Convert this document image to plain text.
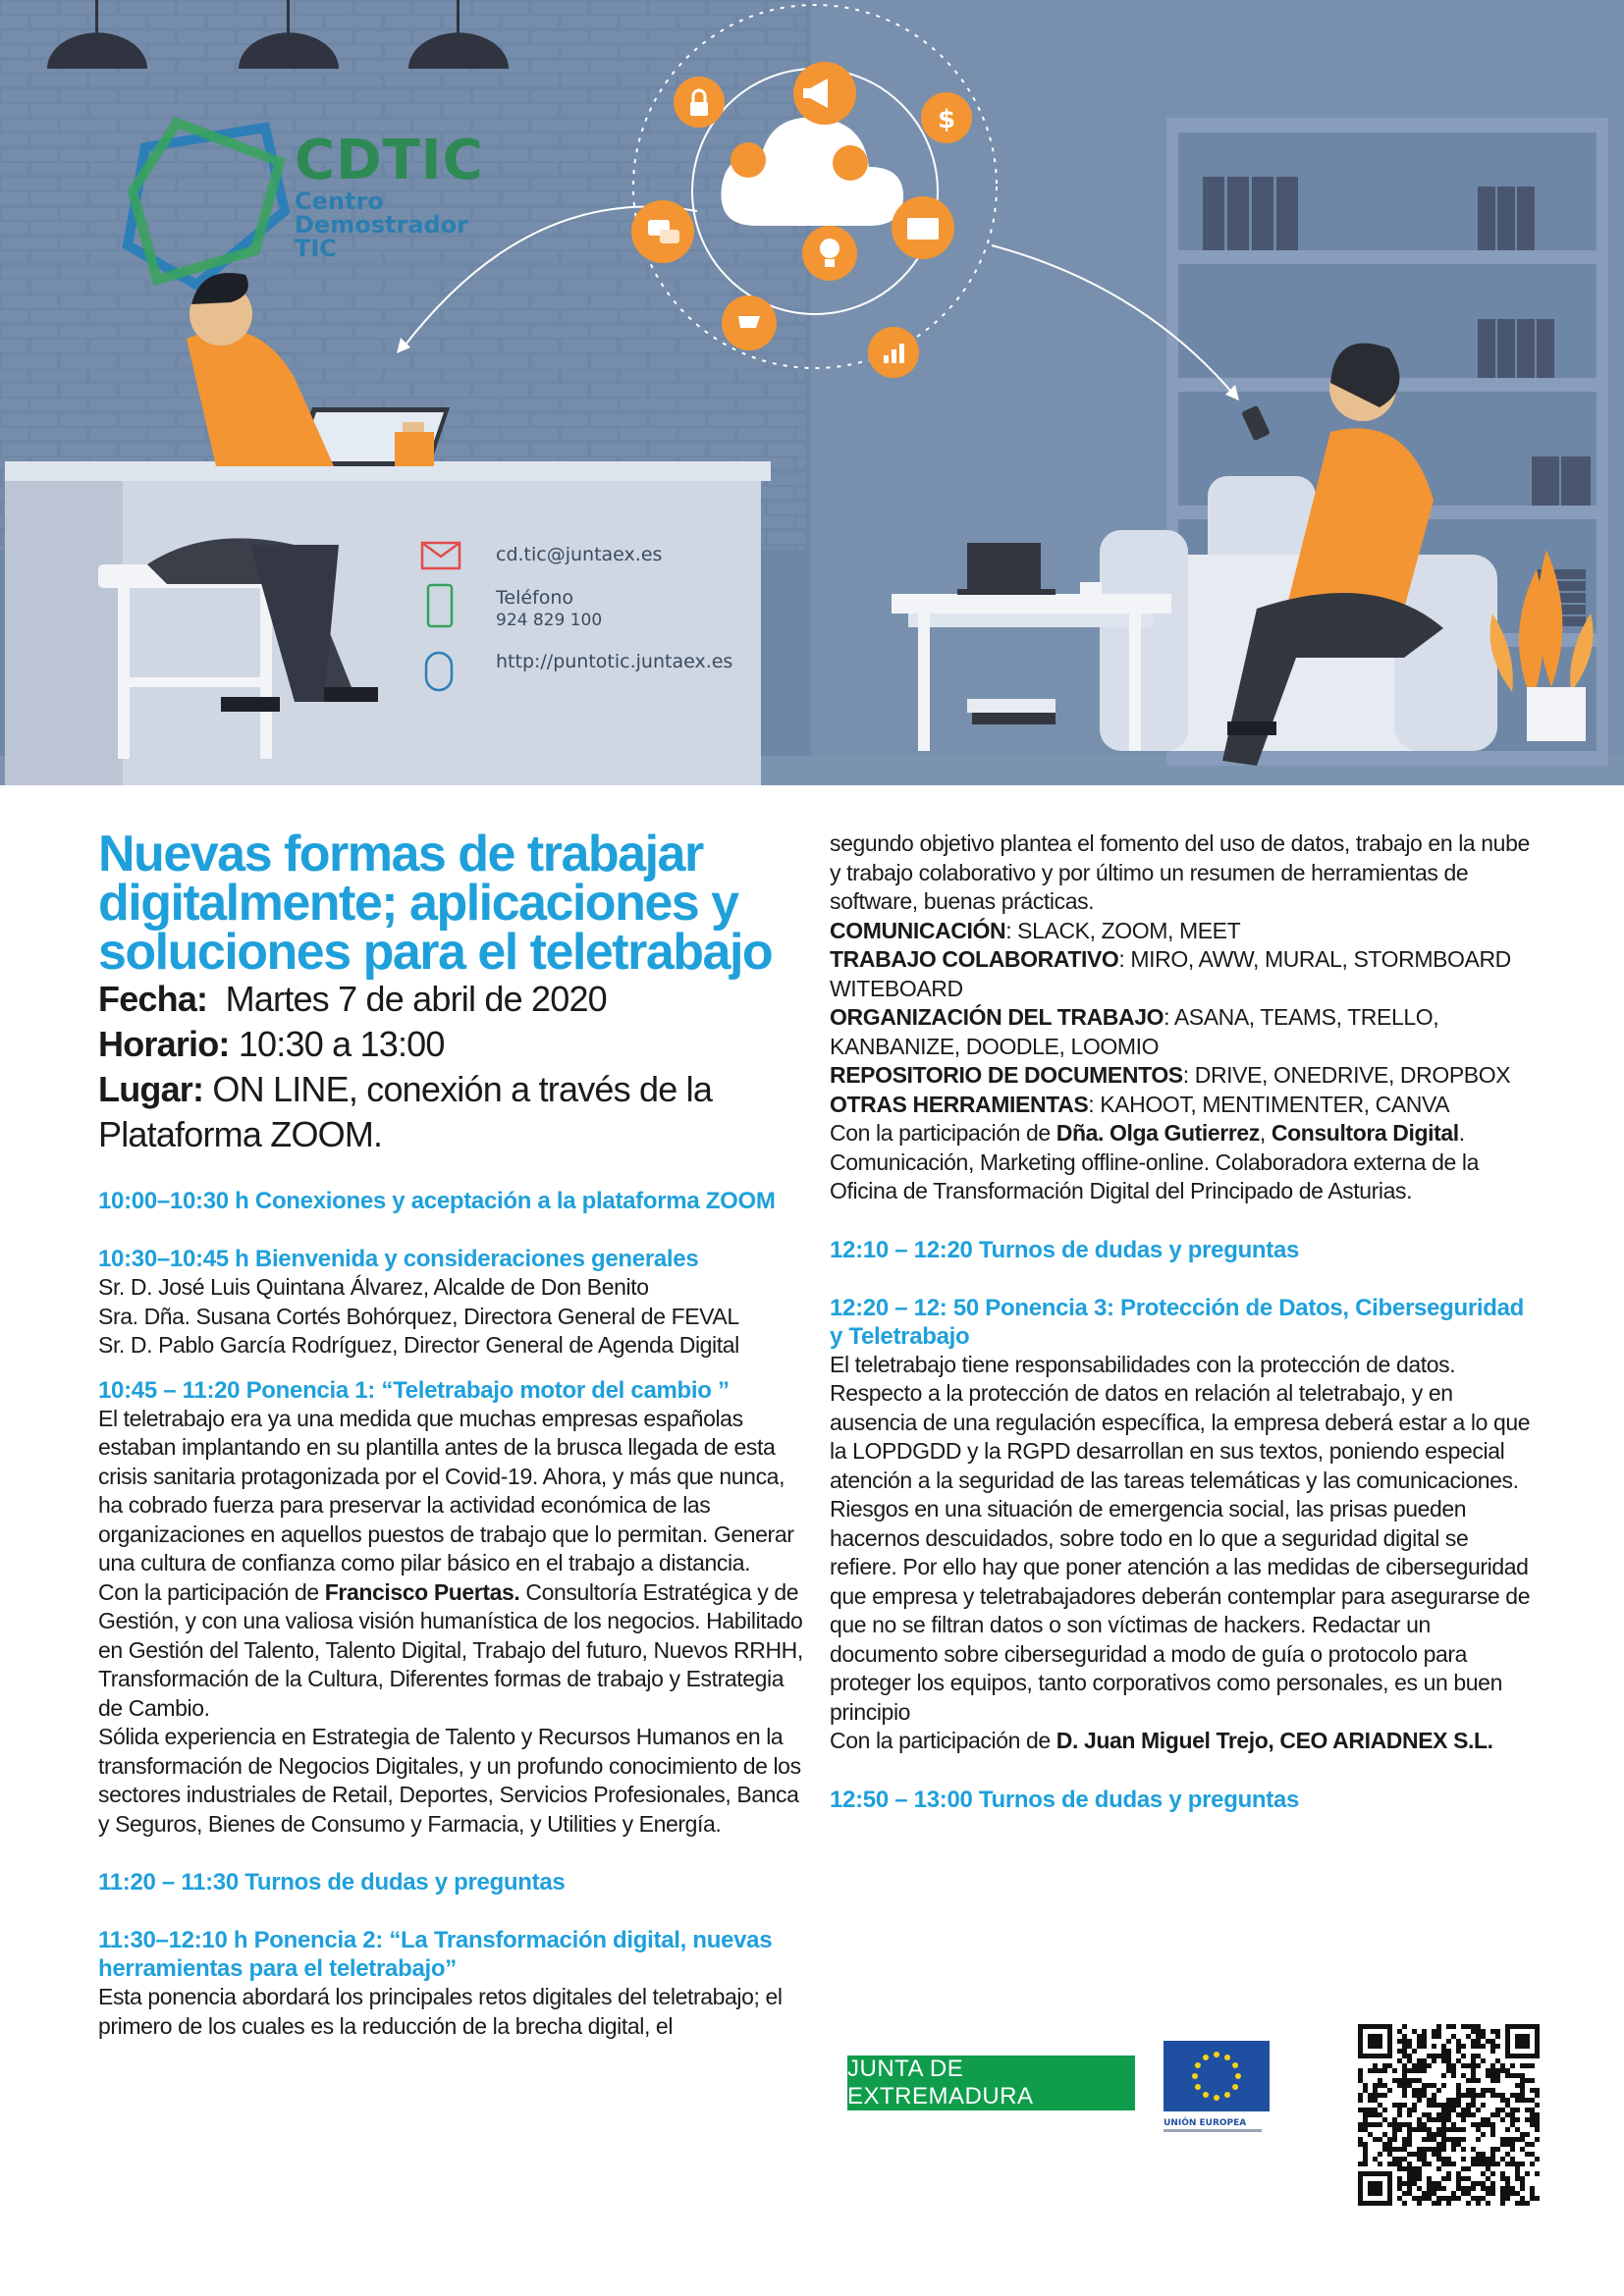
$
CDTIC
Centro
Demostrador
TIC
cd.tic@juntaex.es
Teléfono
924 829 100
http://puntotic.juntaex.es
Nuevas formas de trabajar digitalmente; aplicaciones y soluciones para el teletrabajo
Fecha: Martes 7 de abril de 2020
Horario: 10:30 a 13:00
Lugar: ON LINE, conexión a través de la Plataforma ZOOM.
10:00–10:30 h Conexiones y aceptación a la plataforma ZOOM
10:30–10:45 h Bienvenida y consideraciones generales
Sr. D. José Luis Quintana Álvarez, Alcalde de Don Benito
Sra. Dña. Susana Cortés Bohórquez, Directora General de FEVAL
Sr. D. Pablo García Rodríguez, Director General de Agenda Digital
10:45 – 11:20 Ponencia 1: “Teletrabajo motor del cambio ”
El teletrabajo era ya una medida que muchas empresas españolas estaban implantando en su plantilla antes de la brusca llegada de esta crisis sanitaria protagonizada por el Covid-19. Ahora, y más que nunca, ha cobrado fuerza para preservar la actividad económica de las organizaciones en aquellos puestos de trabajo que lo permitan. Generar una cultura de confianza como pilar básico en el trabajo a distancia.
Con la participación de Francisco Puertas. Consultoría Estratégica y de Gestión, y con una valiosa visión humanística de los negocios. Habilitado en Gestión del Talento, Talento Digital, Trabajo del futuro, Nuevos RRHH, Transformación de la Cultura, Diferentes formas de trabajo y Estrategia de Cambio.
Sólida experiencia en Estrategia de Talento y Recursos Humanos en la transformación de Negocios Digitales, y un profundo conocimiento de los sectores industriales de Retail, Deportes, Servicios Profesionales, Banca y Seguros, Bienes de Consumo y Farmacia, y Utilities y Energía.
11:20 – 11:30 Turnos de dudas y preguntas
11:30–12:10 h Ponencia 2: “La Transformación digital, nuevas herramientas para el teletrabajo”
Esta ponencia abordará los principales retos digitales del teletrabajo; el primero de los cuales es la reducción de la brecha digital, el
segundo objetivo plantea el fomento del uso de datos, trabajo en la nube y trabajo colaborativo y por último un resumen de herramientas de software, buenas prácticas.
COMUNICACIÓN: SLACK, ZOOM, MEET
TRABAJO COLABORATIVO: MIRO, AWW, MURAL, STORMBOARD WITEBOARD
ORGANIZACIÓN DEL TRABAJO: ASANA, TEAMS, TRELLO, KANBANIZE, DOODLE, LOOMIO
REPOSITORIO DE DOCUMENTOS: DRIVE, ONEDRIVE, DROPBOX
OTRAS HERRAMIENTAS: KAHOOT, MENTIMENTER, CANVA
Con la participación de Dña. Olga Gutierrez, Consultora Digital. Comunicación, Marketing offline-online. Colaboradora externa de la Oficina de Transformación Digital del Principado de Asturias.
12:10 – 12:20 Turnos de dudas y preguntas
12:20 – 12: 50 Ponencia 3: Protección de Datos, Ciberseguridad y Teletrabajo
El teletrabajo tiene responsabilidades con la protección de datos. Respecto a la protección de datos en relación al teletrabajo, y en ausencia de una regulación específica, la empresa deberá estar a lo que la LOPDGDD y la RGPD desarrollan en sus textos, poniendo especial atención a la seguridad de las tareas telemáticas y las comunicaciones.
Riesgos en una situación de emergencia social, las prisas pueden hacernos descuidados, sobre todo en lo que a seguridad digital se refiere. Por ello hay que poner atención a las medidas de ciberseguridad que empresa y teletrabajadores deberán contemplar para asegurarse de que no se filtran datos o son víctimas de hackers. Redactar un documento sobre ciberseguridad a modo de guía o protocolo para proteger los equipos, tanto corporativos como personales, es un buen principio
Con la participación de D. Juan Miguel Trejo, CEO ARIADNEX S.L.
12:50 – 13:00 Turnos de dudas y preguntas
JUNTA DE EXTREMADURA
UNIÓN EUROPEA
